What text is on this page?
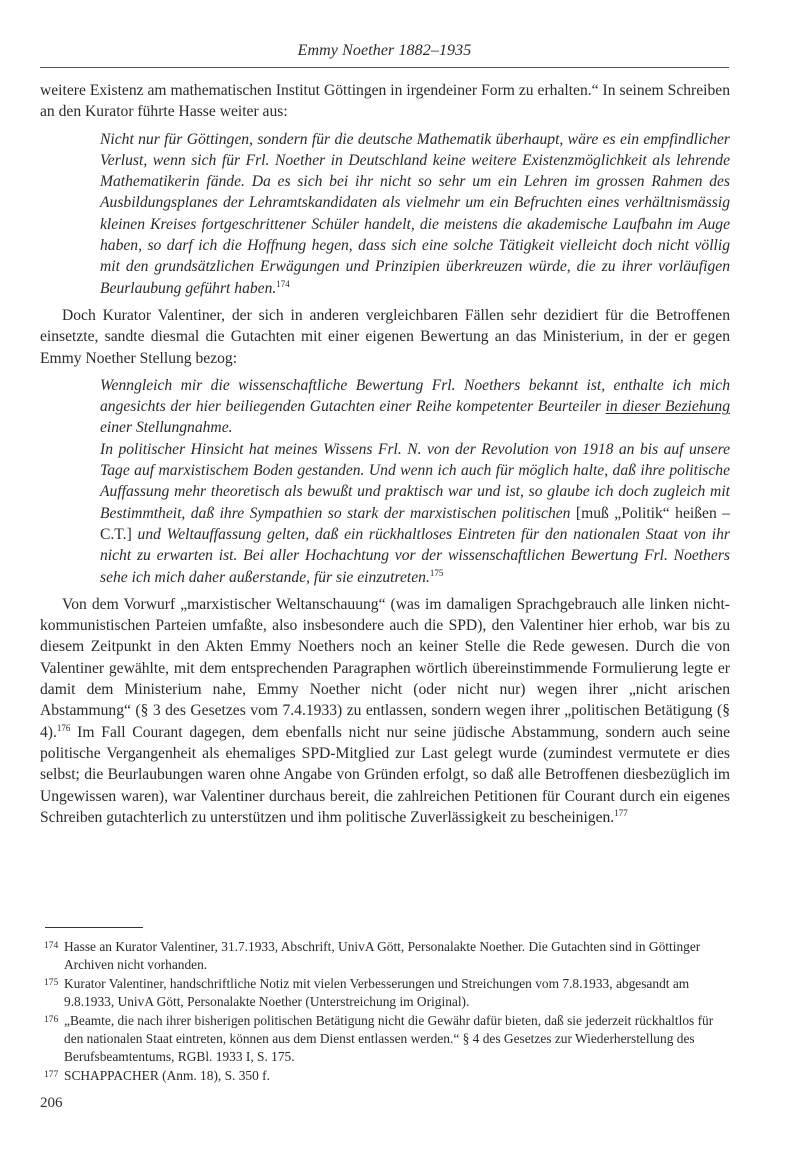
Emmy Noether 1882–1935

weitere Existenz am mathematischen Institut Göttingen in irgendeiner Form zu erhalten.“ In seinem Schreiben an den Kurator führte Hasse weiter aus:

Nicht nur für Göttingen, sondern für die deutsche Mathematik überhaupt, wäre es ein empfindlicher Verlust, wenn sich für Frl. Noether in Deutschland keine weitere Existenzmöglichkeit als lehrende Mathematikerin fände. Da es sich bei ihr nicht so sehr um ein Lehren im grossen Rahmen des Ausbildungsplanes der Lehramtskandidaten als vielmehr um ein Befruchten eines verhältnismässig kleinen Kreises fortgeschrittener Schüler handelt, die meistens die akademische Laufbahn im Auge haben, so darf ich die Hoffnung hegen, dass sich eine solche Tätigkeit vielleicht doch nicht völlig mit den grundsätzlichen Erwägungen und Prinzipien überkreuzen würde, die zu ihrer vorläufigen Beurlaubung geführt haben.$^{174}$

Doch Kurator Valentiner, der sich in anderen vergleichbaren Fällen sehr dezidiert für die Betroffenen einsetzte, sandte diesmal die Gutachten mit einer eigenen Bewertung an das Ministerium, in der er gegen Emmy Noether Stellung bezog:

Wenngleich mir die wissenschaftliche Bewertung Frl. Noethers bekannt ist, enthalte ich mich angesichts der hier beiliegenden Gutachten einer Reihe kompetenter Beurteiler in dieser Beziehung einer Stellungnahme.

In politischer Hinsicht hat meines Wissens Frl. N. von der Revolution von 1918 an bis auf unsere Tage auf marxistischem Boden gestanden. Und wenn ich auch für möglich halte, daß ihre politische Auffassung mehr theoretisch als bewußt und praktisch war und ist, so glaube ich doch zugleich mit Bestimmtheit, daß ihre Sympathien so stark der marxistischen politischen [muß „Politik“ heißen – C.T.] und Weltauffassung gelten, daß ein rückhaltloses Eintreten für den nationalen Staat von ihr nicht zu erwarten ist. Bei aller Hochachtung vor der wissenschaftlichen Bewertung Frl. Noethers sehe ich mich daher außerstande, für sie einzutreten.$^{175}$

Von dem Vorwurf „marxistischer Weltanschauung“ (was im damaligen Sprachgebrauch alle linken nicht-kommunistischen Parteien umfaßte, also insbesondere auch die SPD), den Valentiner hier erhob, war bis zu diesem Zeitpunkt in den Akten Emmy Noethers noch an keiner Stelle die Rede gewesen. Durch die von Valentiner gewählte, mit dem entsprechenden Paragraphen wörtlich übereinstimmende Formulierung legte er damit dem Ministerium nahe, Emmy Noether nicht (oder nicht nur) wegen ihrer „nicht arischen Abstammung“ (§ 3 des Gesetzes vom 7.4.1933) zu entlassen, sondern wegen ihrer „politischen Betätigung (§ 4).$^{176}$ Im Fall Courant dagegen, dem ebenfalls nicht nur seine jüdische Abstammung, sondern auch seine politische Vergangenheit als ehemaliges SPD-Mitglied zur Last gelegt wurde (zumindest vermutete er dies selbst; die Beurlaubungen waren ohne Angabe von Gründen erfolgt, so daß alle Betroffenen diesbezüglich im Ungewissen waren), war Valentiner durchaus bereit, die zahlreichen Petitionen für Courant durch ein eigenes Schreiben gutachterlich zu unterstützen und ihm politische Zuverlässigkeit zu bescheinigen.$^{177}$

174 Hasse an Kurator Valentiner, 31.7.1933, Abschrift, UnivA Gött, Personalakte Noether. Die Gutachten sind in Göttinger Archiven nicht vorhanden.

175 Kurator Valentiner, handschriftliche Notiz mit vielen Verbesserungen und Streichungen vom 7.8.1933, abgesandt am 9.8.1933, UnivA Gött, Personalakte Noether (Unterstreichung im Original).

176 „Beamte, die nach ihrer bisherigen politischen Betätigung nicht die Gewähr dafür bieten, daß sie jederzeit rückhaltlos für den nationalen Staat eintreten, können aus dem Dienst entlassen werden.“ § 4 des Gesetzes zur Wiederherstellung des Berufsbeamtentums, RGBl. 1933 I, S. 175.

177 SCHAPPACHER (Anm. 18), S. 350 f.

206
